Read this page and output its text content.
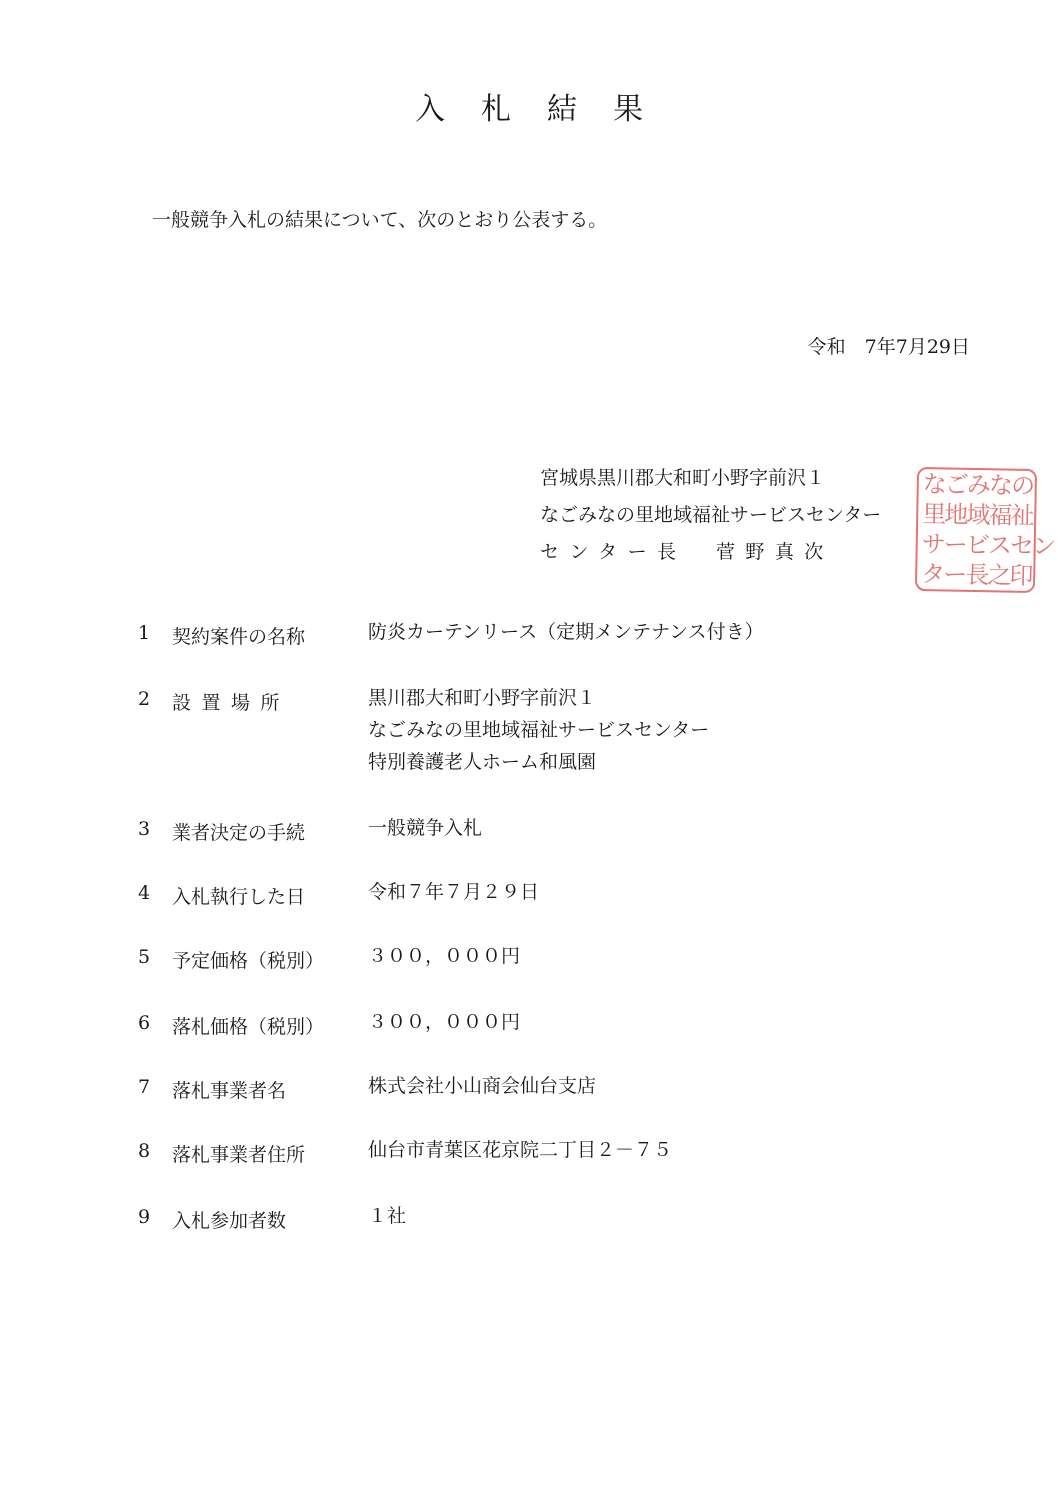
入札結果
一般競争入札の結果について、次のとおり公表する。
令和　7年7月29日
宮城県黒川郡大和町小野字前沢１
なごみなの里地域福祉サービスセンター
センター長　菅野真次
なごみなの
里地域福祉
サービスセン
ター長之印
1 契約案件の名称	防炎カーテンリース（定期メンテナンス付き）
2 設置場所	黒川郡大和町小野字前沢１
なごみなの里地域福祉サービスセンター
特別養護老人ホーム和風園
3 業者決定の手続	一般競争入札
4 入札執行した日	令和７年７月２９日
5 予定価格（税別）	３００，０００円
6 落札価格（税別）	３００，０００円
7 落札事業者名	株式会社小山商会仙台支店
8 落札事業者住所	仙台市青葉区花京院二丁目２－７５
9 入札参加者数	１社
